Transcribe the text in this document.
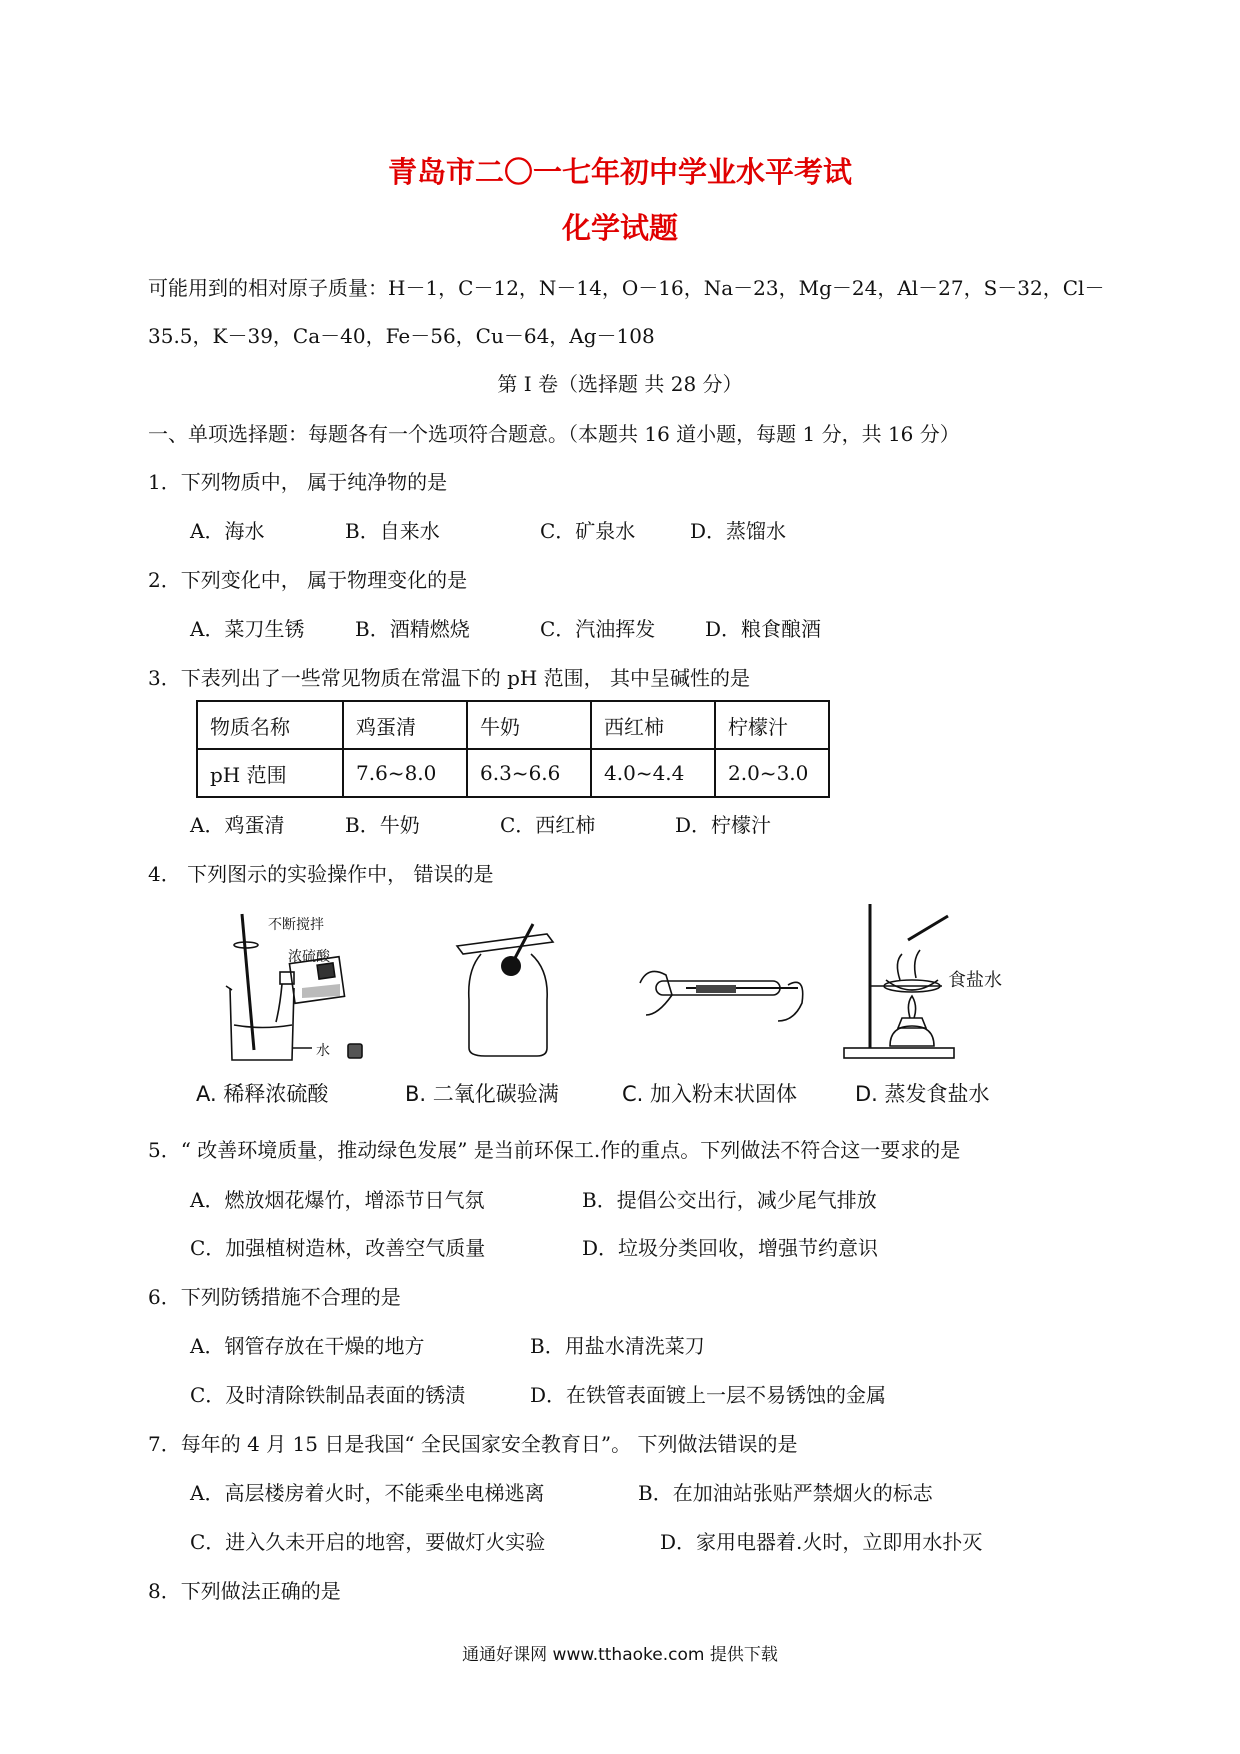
青岛市二〇一七年初中学业水平考试
化学试题
可能用到的相对原子质量：H－1，C－12，N－14，O－16，Na－23，Mg－24，Al－27，S－32，Cl－
35.5，K－39，Ca－40，Fe－56，Cu－64，Ag－108
第 I 卷（选择题 共 28 分）
一、单项选择题：每题各有一个选项符合题意。（本题共 16 道小题，每题 1 分，共 16 分）
1．下列物质中， 属于纯净物的是
A．海水	B．自来水	C．矿泉水	D．蒸馏水
2．下列变化中， 属于物理变化的是
A．菜刀生锈	B．酒精燃烧	C．汽油挥发 D．粮食酿酒
3．下表列出了一些常见物质在常温下的 pH 范围， 其中呈碱性的是
物质名称	鸡蛋清	牛奶	西红柿	柠檬汁
pH 范围	7.6~8.0	6.3~6.6	4.0~4.4	2.0~3.0
A．鸡蛋清	B．牛奶	C．西红柿	D．柠檬汁
4． 下列图示的实验操作中， 错误的是
不断搅拌
浓硫酸
水
食盐水
A. 稀释浓硫酸	B. 二氧化碳验满	C. 加入粉末状固体	D. 蒸发食盐水
5．“ 改善环境质量，推动绿色发展” 是当前环保工.作的重点。下列做法不符合这一要求的是
A．燃放烟花爆竹，增添节日气氛	B．提倡公交出行，减少尾气排放
C．加强植树造林，改善空气质量	D．垃圾分类回收，增强节约意识
6．下列防锈措施不合理的是
A．钢管存放在干燥的地方	B．用盐水清洗菜刀
C．及时清除铁制品表面的锈渍	D．在铁管表面镀上一层不易锈蚀的金属
7．每年的 4 月 15 日是我国“ 全民国家安全教育日”。 下列做法错误的是
A．高层楼房着火时，不能乘坐电梯逃离	B．在加油站张贴严禁烟火的标志
C．进入久未开启的地窖，要做灯火实验	D．家用电器着.火时，立即用水扑灭
8．下列做法正确的是
通通好课网 www.tthaoke.com 提供下载
